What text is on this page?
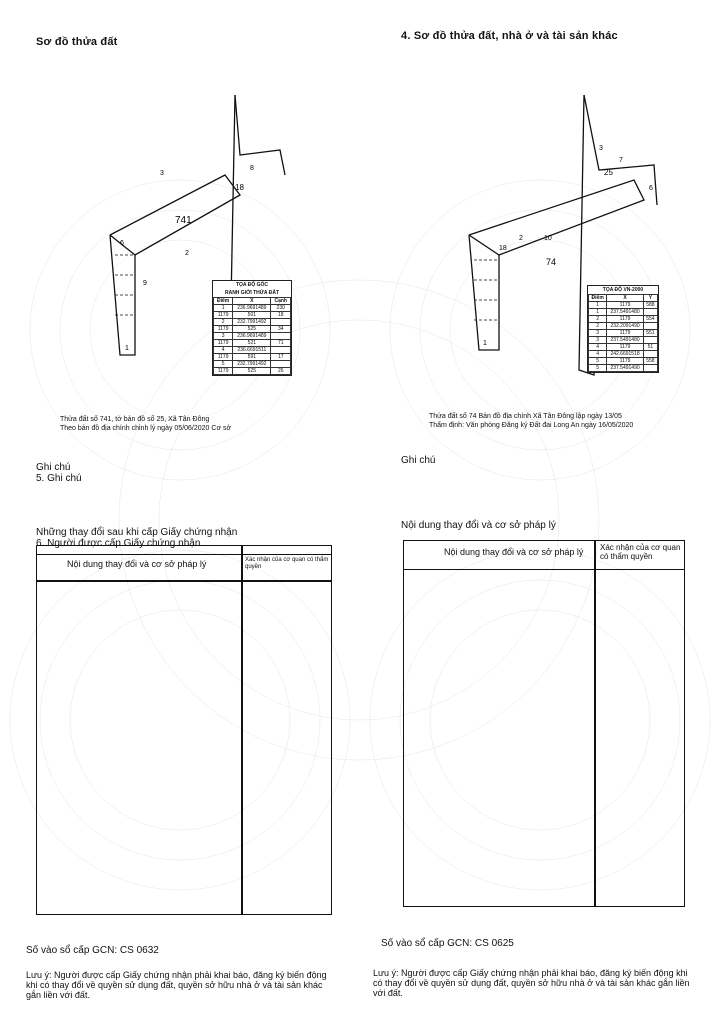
Sơ đồ thửa đất
741
18
6
9
3
8
2
1
TỌA ĐỘ GÓC
RANH GIỚI THỬA ĐẤT
Điểm	X	Cạnh
1	236.9691489	230
1179	501	18
2	232.7991492	
1179	525	34
3	236.9691489	
1179	521	71
4	236.6691511	
1179	591	17
5	232.7991492	
1179	525	26
Thửa đất số 741, tờ bản đồ số 25, Xã Tân Đông
Theo bản đồ địa chính chỉnh lý ngày 05/06/2020 Cơ sở
Ghi chú
5. Ghi chú
Những thay đổi sau khi cấp Giấy chứng nhận
6. Người được cấp Giấy chứng nhận
Nội dung thay đổi và cơ sở pháp lý	Xác nhận của cơ quan có thẩm quyền
Số vào sổ cấp GCN: CS 0632
Lưu ý: Người được cấp Giấy chứng nhận phải khai báo, đăng ký biến động khi có thay đổi về quyền sử dụng đất, quyền sở hữu nhà ở và tài sản khác gắn liền với đất.
4. Sơ đồ thửa đất, nhà ở và tài sản khác
74
25
3
18
10
2
1
7
6
TỌA ĐỘ VN-2000
Điểm	X	Y
1	1179	588
1	237.5491480	
2	1179	554
2	232.2091490	
3	1179	551
3	237.5491480	
4	1179	51
4	242.6691518	
5	1179	558
5	237.5491490	
Thửa đất số 74 Bản đồ địa chính Xã Tân Đông lập ngày 13/05
Thẩm định: Văn phòng Đăng ký Đất đai Long An ngày 16/05/2020
Ghi chú
Nội dung thay đổi và cơ sở pháp lý
Nội dung thay đổi và cơ sở pháp lý	Xác nhận của cơ quan có thẩm quyền
Số vào sổ cấp GCN: CS 0625
Lưu ý: Người được cấp Giấy chứng nhận phải khai báo, đăng ký biến động khi có thay đổi về quyền sử dụng đất, quyền sở hữu nhà ở và tài sản khác gắn liền với đất.
